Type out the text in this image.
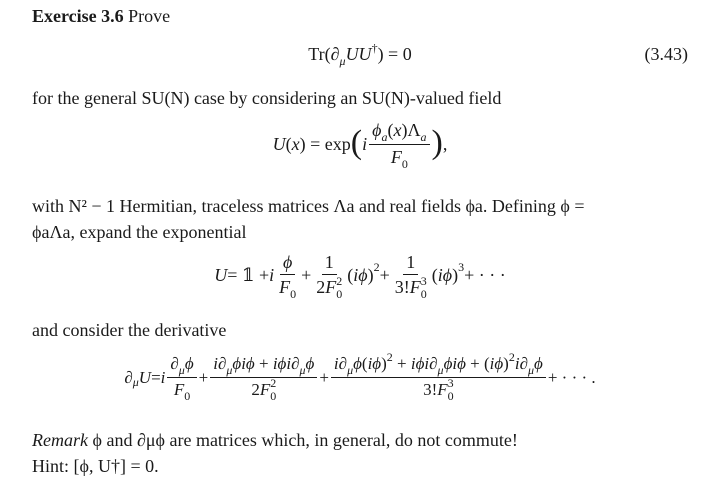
Exercise 3.6 Prove
$Tr(\partial_\mu UU^\dagger) = 0$	(3.43)
for the general SU(N) case by considering an SU(N)-valued field
U ( x ) = exp ( i $\frac{\phi_a(x)\Lambda_a}{F_0}$ ) ,
with N² − 1 Hermitian, traceless matrices Λa and real fields ϕa. Defining ϕ =
ϕaΛa, expand the exponential
U = 𝟙 + i $\frac{\phi}{F_0} + \frac{1}{2F_0^2}$ ( iϕ ) $2 + \frac{1}{3!F_0^3}$ ( iϕ ) 3 + · · ·
and consider the derivative
∂ μ U = i $\frac{\partial_\mu\phi}{F_0} + \frac{i\partial_\mu\phi i\phi + i\phi i\partial_\mu\phi}{2F_0^2} + \frac{i\partial_\mu\phi(i\phi)^2 + i\phi i\partial_\mu\phi i\phi + (i\phi)^2i\partial_\mu\phi}{3!F_0^3}$ + · · · .
Remark ϕ and ∂μϕ are matrices which, in general, do not commute!
Hint: [ϕ, U†] = 0.
